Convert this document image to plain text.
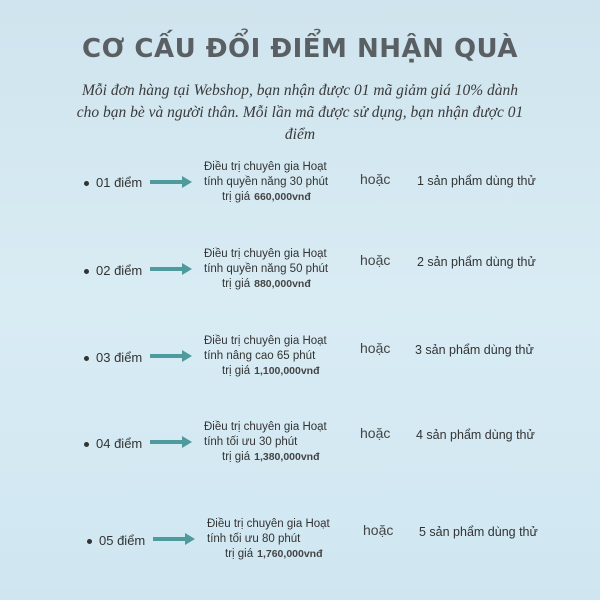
CƠ CẤU ĐỔI ĐIỂM NHẬN QUÀ
Mỗi đơn hàng tại Webshop, bạn nhận được 01 mã giảm giá 10% dành cho bạn bè và người thân. Mỗi lần mã được sử dụng, bạn nhận được 01 điểm
01 điểm
Điều trị chuyên gia Hoạt
tính quyền năng 30 phút

trị giá 660,000vnđ
hoặc 1 sản phẩm dùng thử
02 điểm
Điều trị chuyên gia Hoạt
tính quyền năng 50 phút

trị giá 880,000vnđ
hoặc 2 sản phẩm dùng thử
03 điểm
Điều trị chuyên gia Hoạt
tính nâng cao 65 phút

trị giá 1,100,000vnđ
hoặc 3 sản phẩm dùng thử
04 điểm
Điều trị chuyên gia Hoạt
tính tối ưu 30 phút

trị giá 1,380,000vnđ
hoặc 4 sản phẩm dùng thử
05 điểm
Điều trị chuyên gia Hoạt
tính tối ưu 80 phút

trị giá 1,760,000vnđ
hoặc 5 sản phẩm dùng thử
